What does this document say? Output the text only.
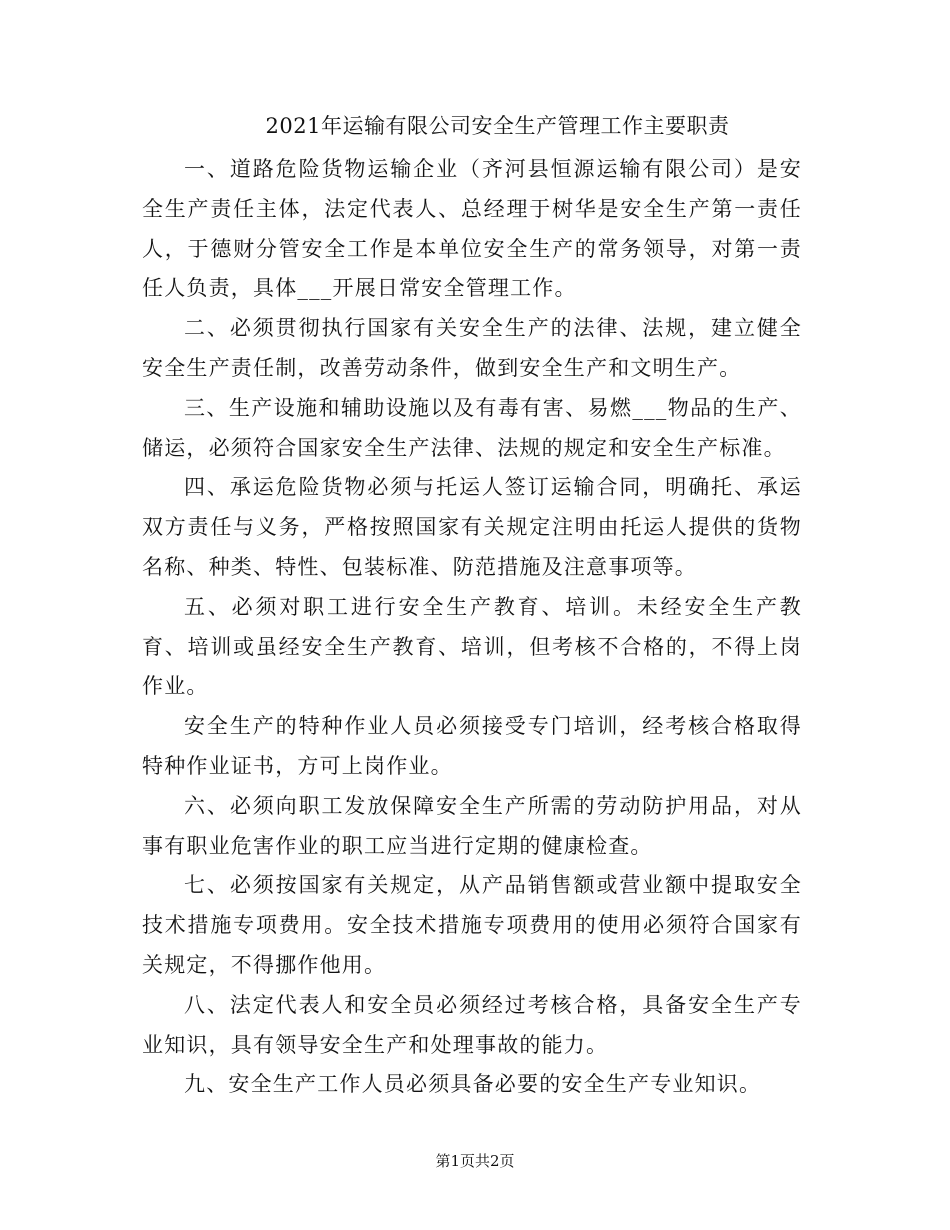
2021年运输有限公司安全生产管理工作主要职责

一、道路危险货物运输企业（齐河县恒源运输有限公司）是安全生产责任主体，法定代表人、总经理于树华是安全生产第一责任人，于德财分管安全工作是本单位安全生产的常务领导，对第一责任人负责，具体___开展日常安全管理工作。

二、必须贯彻执行国家有关安全生产的法律、法规，建立健全安全生产责任制，改善劳动条件，做到安全生产和文明生产。

三、生产设施和辅助设施以及有毒有害、易燃___物品的生产、储运，必须符合国家安全生产法律、法规的规定和安全生产标准。

四、承运危险货物必须与托运人签订运输合同，明确托、承运双方责任与义务，严格按照国家有关规定注明由托运人提供的货物名称、种类、特性、包装标准、防范措施及注意事项等。

五、必须对职工进行安全生产教育、培训。未经安全生产教育、培训或虽经安全生产教育、培训，但考核不合格的，不得上岗作业。

安全生产的特种作业人员必须接受专门培训，经考核合格取得特种作业证书，方可上岗作业。

六、必须向职工发放保障安全生产所需的劳动防护用品，对从事有职业危害作业的职工应当进行定期的健康检查。

七、必须按国家有关规定，从产品销售额或营业额中提取安全技术措施专项费用。安全技术措施专项费用的使用必须符合国家有关规定，不得挪作他用。

八、法定代表人和安全员必须经过考核合格，具备安全生产专业知识，具有领导安全生产和处理事故的能力。

九、安全生产工作人员必须具备必要的安全生产专业知识。

第1页共2页
